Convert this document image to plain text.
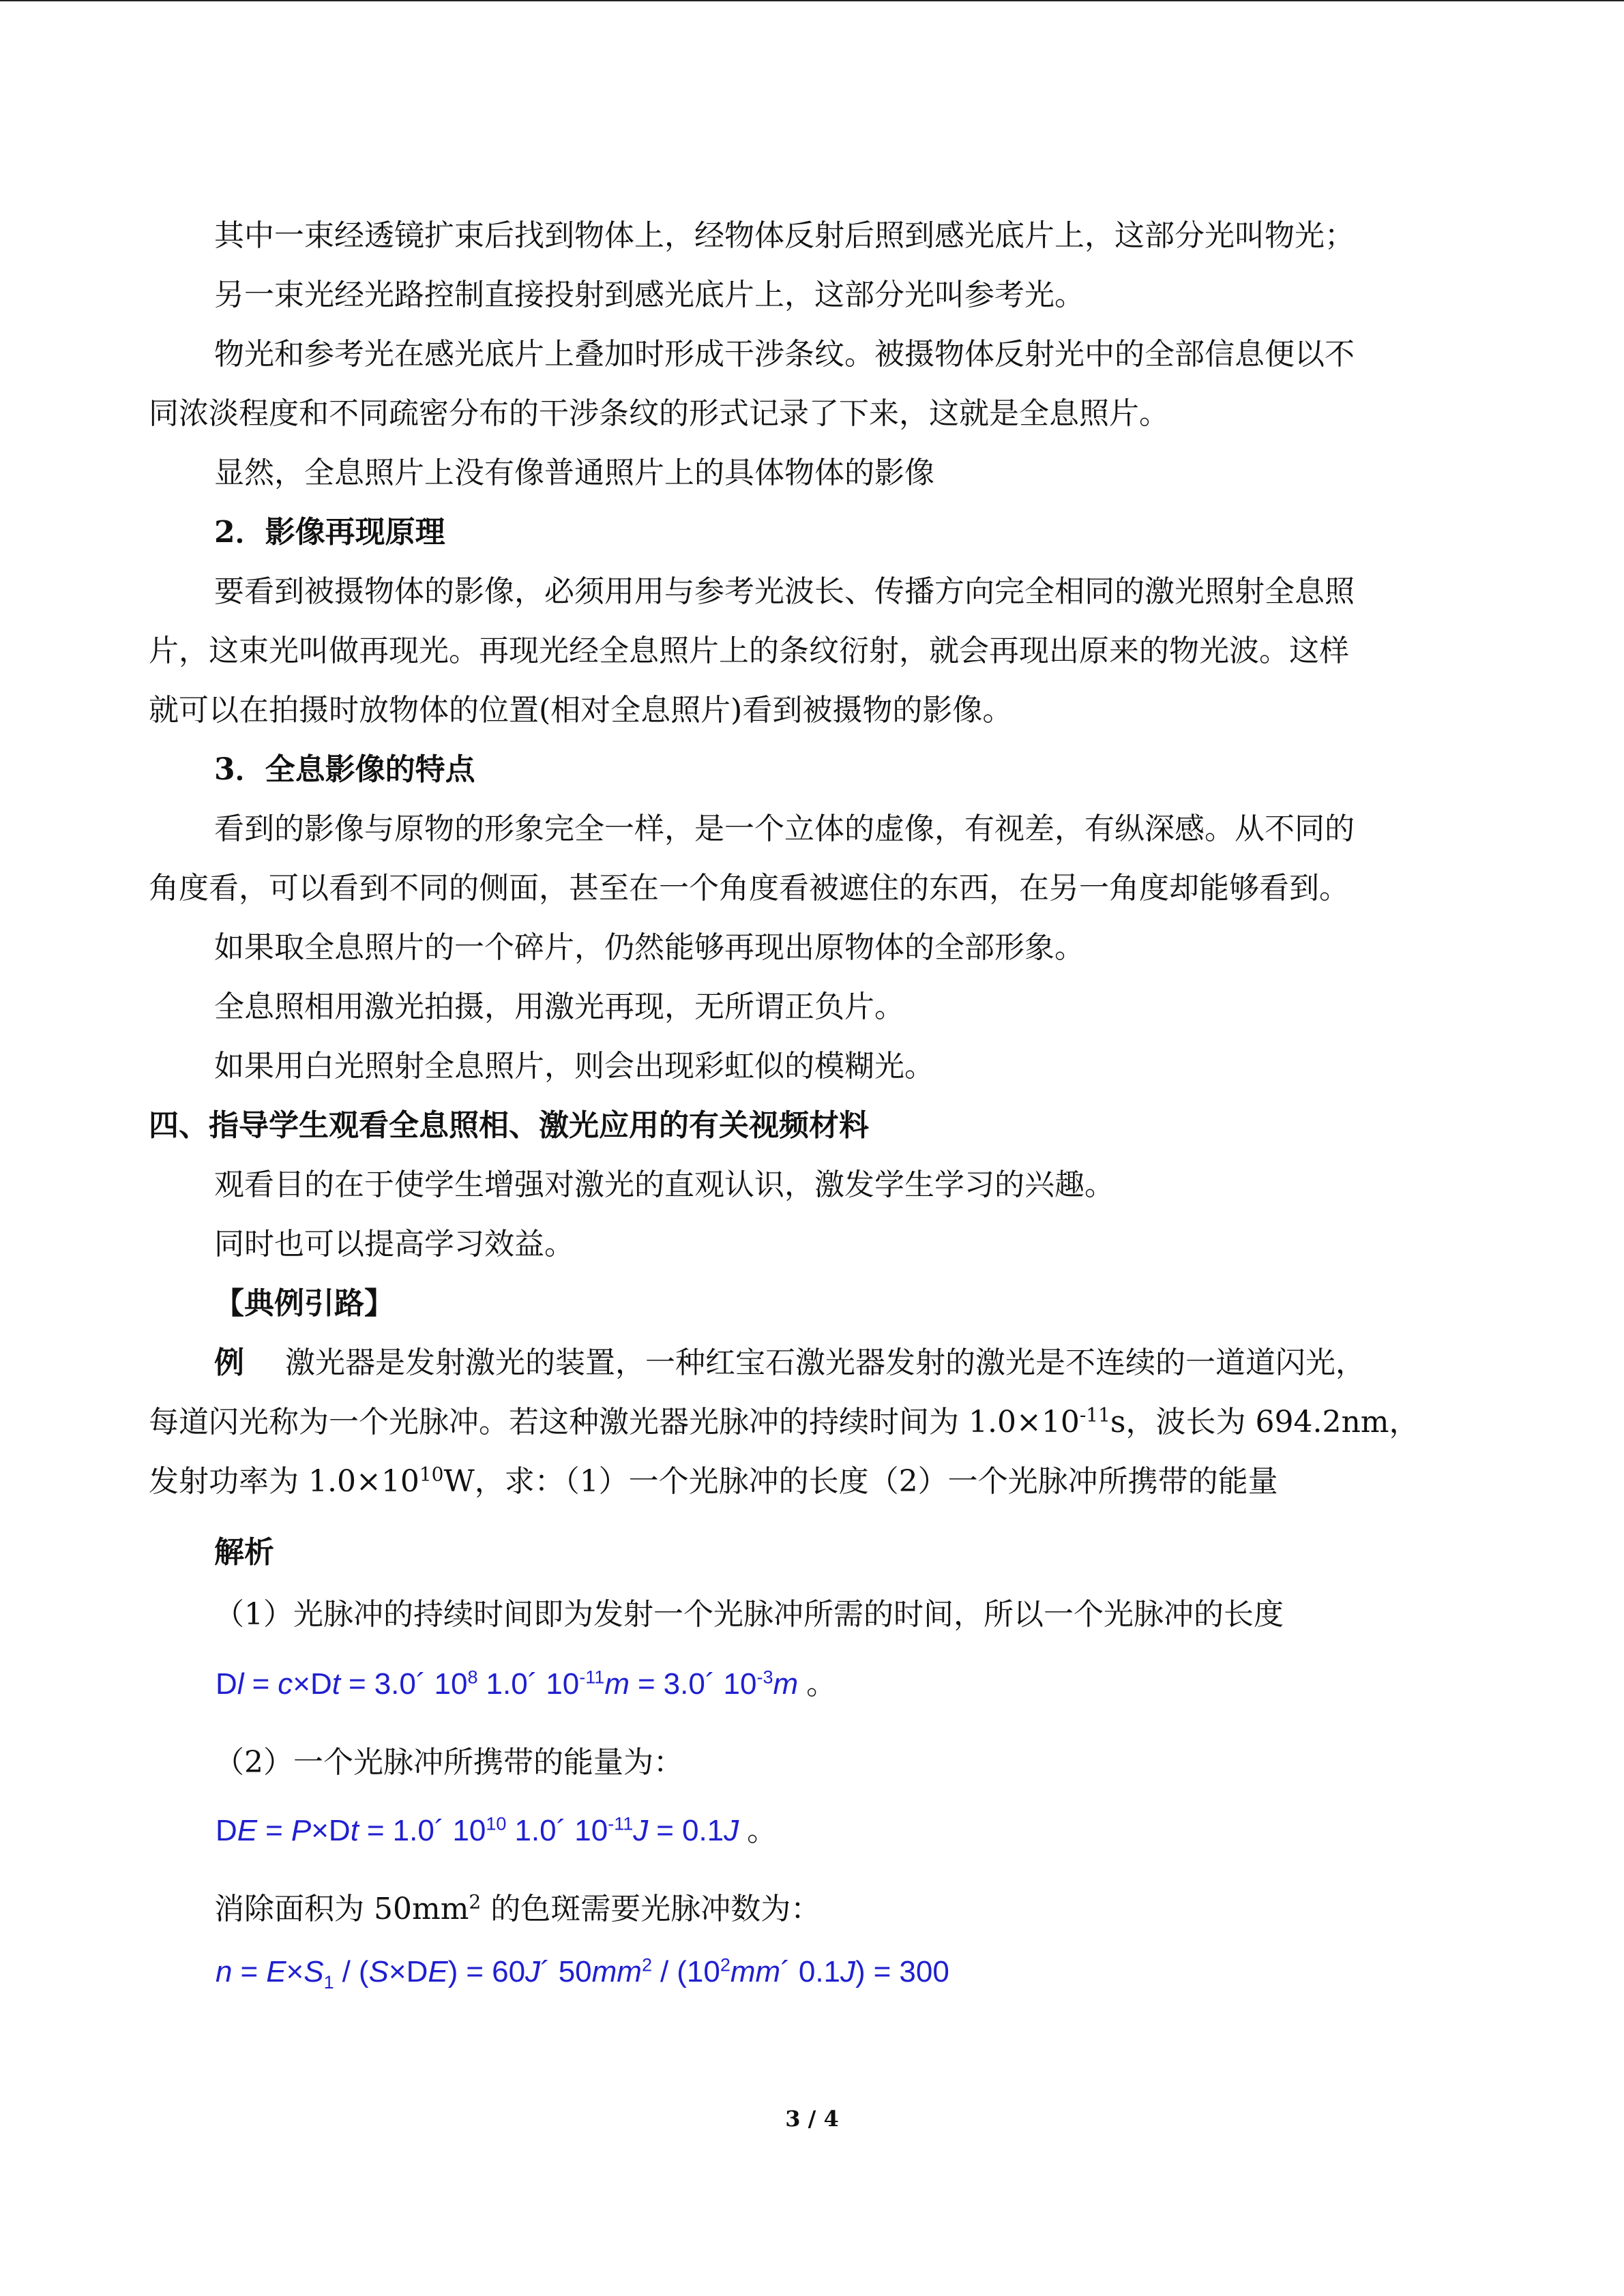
其中一束经透镜扩束后找到物体上，经物体反射后照到感光底片上，这部分光叫物光；
另一束光经光路控制直接投射到感光底片上，这部分光叫参考光。
物光和参考光在感光底片上叠加时形成干涉条纹。被摄物体反射光中的全部信息便以不
同浓淡程度和不同疏密分布的干涉条纹的形式记录了下来，这就是全息照片。
显然，全息照片上没有像普通照片上的具体物体的影像
2．影像再现原理
要看到被摄物体的影像，必须用用与参考光波长、传播方向完全相同的激光照射全息照
片，这束光叫做再现光。再现光经全息照片上的条纹衍射，就会再现出原来的物光波。这样
就可以在拍摄时放物体的位置(相对全息照片)看到被摄物的影像。
3．全息影像的特点
看到的影像与原物的形象完全一样，是一个立体的虚像，有视差，有纵深感。从不同的
角度看，可以看到不同的侧面，甚至在一个角度看被遮住的东西，在另一角度却能够看到。
如果取全息照片的一个碎片，仍然能够再现出原物体的全部形象。
全息照相用激光拍摄，用激光再现，无所谓正负片。
如果用白光照射全息照片，则会出现彩虹似的模糊光。
四、指导学生观看全息照相、激光应用的有关视频材料
观看目的在于使学生增强对激光的直观认识，激发学生学习的兴趣。
同时也可以提高学习效益。
【典例引路】
例 激光器是发射激光的装置，一种红宝石激光器发射的激光是不连续的一道道闪光，
每道闪光称为一个光脉冲。若这种激光器光脉冲的持续时间为 $1.0\times 10^{-11}s$，波长为 694.2nm，
发射功率为 $1.0\times 10^{10}W$，求：（1）一个光脉冲的长度（2）一个光脉冲所携带的能量
解析
（1）光脉冲的持续时间即为发射一个光脉冲所需的时间，所以一个光脉冲的长度
Dl = c×Dt = 3.0´ $10^8$ 1.0´ $10^{-11}m$ = 3.0´ $10^{-3}m$ 。
（2）一个光脉冲所携带的能量为：
DE = P×Dt = 1.0´ $10^{10}$ 1.0´ $10^{-11}J = 0.1J$ 。
消除面积为 $50mm^2$ 的色斑需要光脉冲数为：
$n = E\times S_1 / (S\times DE)$ = 60J´ $50mm^2$ / ($10^2mm´$ 0.1J) = 300
3 / 4
